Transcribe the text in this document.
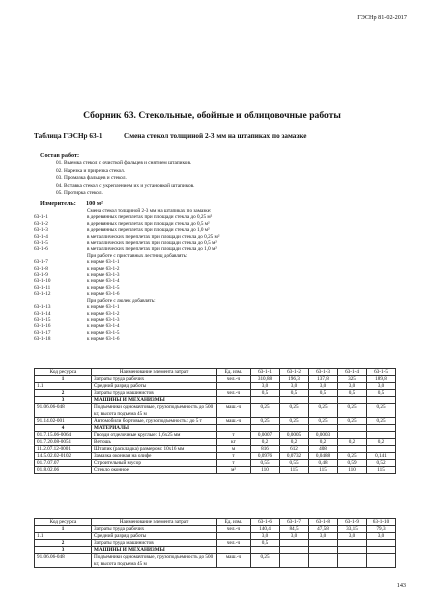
ГЭСНр 81-02-2017
Сборник 63. Стекольные, обойные и облицовочные работы
Таблица ГЭСНр 63-1	Смена стекол толщиной 2-3 мм на штапиках по замазке
Состав работ:
01. Выемка стекол с очисткой фальцев и снятием штапиков.
02. Нарезка и прирезка стекол.
03. Промазка фальцев и стекол.
04. Вставка стекол с укреплением их и установкой штапиков.
05. Протирка стекол.
Измеритель: 100 м²
Смена стекол толщиной 2-3 мм на штапиках по замазке:
63-1-1	в деревянных переплетах при площади стекла до 0,25 м²
63-1-2	в деревянных переплетах при площади стекла до 0,5 м²
63-1-3	в деревянных переплетах при площади стекла до 1,0 м²
63-1-4	в металлических переплетах при площади стекла до 0,25 м²
63-1-5	в металлических переплетах при площади стекла до 0,5 м²
63-1-6	в металлических переплетах при площади стекла до 1,0 м²
При работе с приставных лестниц добавлять:
63-1-7	к норме 63-1-1
63-1-8	к норме 63-1-2
63-1-9	к норме 63-1-3
63-1-10	к норме 63-1-4
63-1-11	к норме 63-1-5
63-1-12	к норме 63-1-6
При работе с люлек добавлять:
63-1-13	к норме 63-1-1
63-1-14	к норме 63-1-2
63-1-15	к норме 63-1-3
63-1-16	к норме 63-1-4
63-1-17	к норме 63-1-5
63-1-18	к норме 63-1-6
Код ресурса	Наименование элемента затрат	Ед. изм.	63-1-1	63-1-2	63-1-3	63-1-4	63-1-5
1	Затраты труда рабочих	чел.-ч	310,88	196,3	137,8	325	189,8
1.1	Средний разряд работы		3,0	3,0	3,0	3,0	3,0
2	Затраты труда машинистов	чел.-ч	0,5	0,5	0,5	0,5	0,5
3	МАШИНЫ И МЕХАНИЗМЫ						
91.06.06-048	Подъемники одномачтовые, грузоподъемность до 500 кг, высота подъема 45 м	маш.-ч	0,25	0,25	0,25	0,25	0,25
91.14.02-001	Автомобили бортовые, грузоподъемность: до 5 т	маш.-ч	0,25	0,25	0,25	0,25	0,25
4	МАТЕРИАЛЫ						
01.7.15.06-0064	Гвозди отделочные круглые: 1,6х25 мм	т	0,0007	0,0005	0,0003		
01.7.20.08-0051	Ветошь	кг	0,2	0,2	0,2	0,2	0,2
11.2.07.12-0001	Штапик (раскладка) размером: 10х16 мм	м	816	612	408		
14.5.02.02-0102	Замазка оконная на олифе	т	0,0976	0,0732	0,0488	0,25	0,141
01.7.07.07	Строительный мусор	т	0,55	0,55	0,48	0,59	0,52
01.8.02.06	Стекло оконное	м²	110	115	115	110	115
Код ресурса	Наименование элемента затрат	Ед. изм.	63-1-6	63-1-7	63-1-8	63-1-9	63-1-10
1	Затраты труда рабочих	чел.-ч	140,4	84,5	47,58	33,15	79,3
1.1	Средний разряд работы		3,0	3,0	3,0	3,0	3,0
2	Затраты труда машинистов	чел.-ч	0,5				
3	МАШИНЫ И МЕХАНИЗМЫ						
91.06.06-048	Подъемники одномачтовые, грузоподъемность до 500 кг, высота подъема 45 м	маш.-ч	0,25				
143
